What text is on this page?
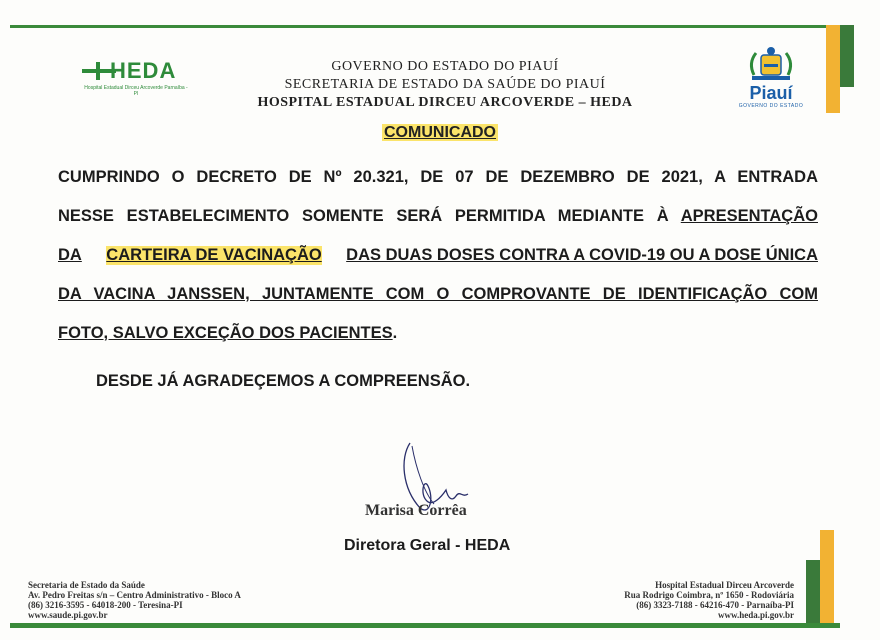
HEDA
Hospital Estadual Dirceu Arcoverde Parnaíba - PI
GOVERNO DO ESTADO DO PIAUÍ
SECRETARIA DE ESTADO DA SAÚDE DO PIAUÍ
HOSPITAL ESTADUAL DIRCEU ARCOVERDE – HEDA	Piauí
GOVERNO DO ESTADO
COMUNICADO
CUMPRINDO O DECRETO DE Nº 20.321, DE 07 DE DEZEMBRO DE 2021, A ENTRADA
NESSE ESTABELECIMENTO SOMENTE SERÁ PERMITIDA MEDIANTE À APRESENTAÇÃO
DA CARTEIRA DE VACINAÇÃO DAS DUAS DOSES CONTRA A COVID-19 OU A DOSE ÚNICA
DA VACINA JANSSEN, JUNTAMENTE COM O COMPROVANTE DE IDENTIFICAÇÃO COM
FOTO, SALVO EXCEÇÃO DOS PACIENTES.
DESDE JÁ AGRADEÇEMOS A COMPREENSÃO.
Marisa Corrêa
Diretora Geral - HEDA
Secretaria de Estado da Saúde
Av. Pedro Freitas s/n – Centro Administrativo - Bloco A
(86) 3216-3595 - 64018-200 - Teresina-PI
www.saude.pi.gov.br
Hospital Estadual Dirceu Arcoverde
Rua Rodrigo Coimbra, nº 1650 - Rodoviária
(86) 3323-7188 - 64216-470 - Parnaíba-PI
www.heda.pi.gov.br
